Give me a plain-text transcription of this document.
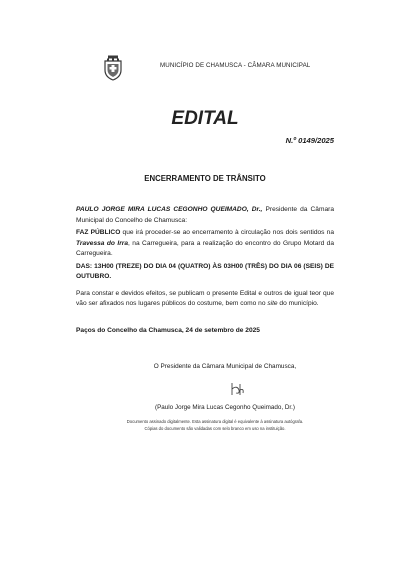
MUNICÍPIO DE CHAMUSCA - CÂMARA MUNICIPAL
EDITAL
N.º 0149/2025
ENCERRAMENTO DE TRÂNSITO

PAULO JORGE MIRA LUCAS CEGONHO QUEIMADO, Dr., Presidente da Câmara Municipal do Concelho de Chamusca:

FAZ PÚBLICO que irá proceder-se ao encerramento à circulação nos dois sentidos na Travessa do Irra, na Carregueira, para a realização do encontro do Grupo Motard da Carregueira.

DAS: 13H00 (TREZE) DO DIA 04 (QUATRO) ÀS 03H00 (TRÊS) DO DIA 06 (SEIS) DE OUTUBRO.

Para constar e devidos efeitos, se publicam o presente Edital e outros de igual teor que vão ser afixados nos lugares públicos do costume, bem como no site do município.

Paços do Concelho da Chamusca, 24 de setembro de 2025
O Presidente da Câmara Municipal de Chamusca,
(Paulo Jorge Mira Lucas Cegonho Queimado, Dr.)
Documento assinado digitalmente. Esta assinatura digital é equivalente à assinatura autógrafa.
Cópias do documento são validadas com selo branco em uso na instituição.
